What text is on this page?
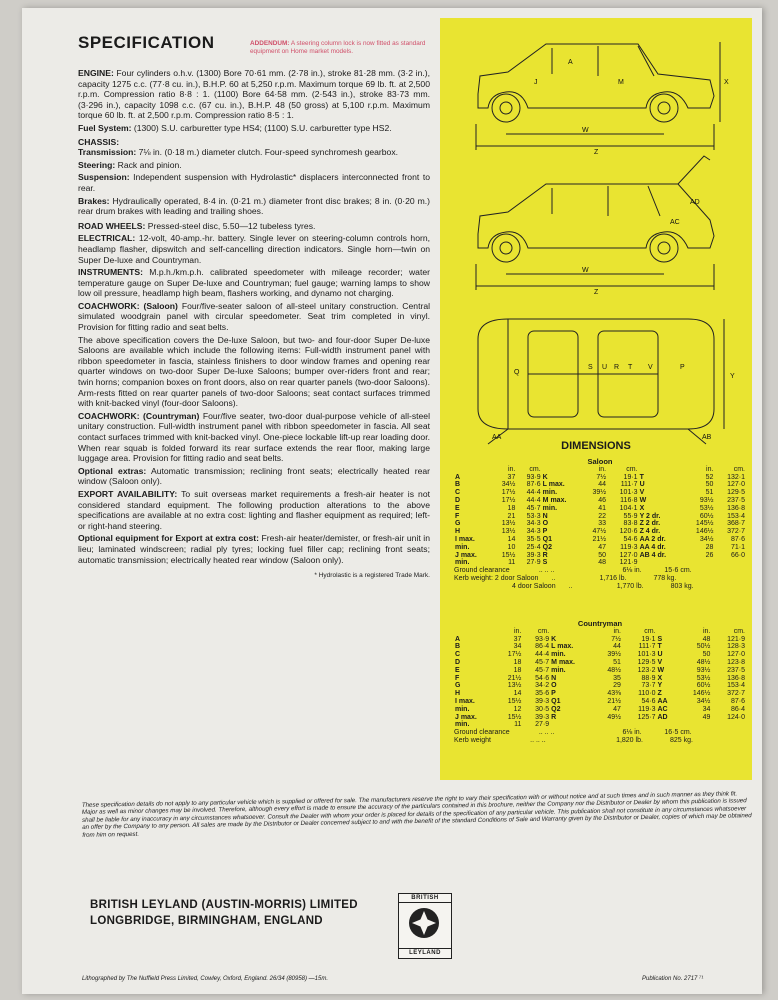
SPECIFICATION	ADDENDUM: A steering column lock is now fitted as standard equipment on Home market models.

ENGINE: Four cylinders o.h.v. (1300) Bore 70·61 mm. (2·78 in.), stroke 81·28 mm. (3·2 in.), capacity 1275 c.c. (77·8 cu. in.), B.H.P. 60 at 5,250 r.p.m. Maximum torque 69 lb. ft. at 2,500 r.p.m. Compression ratio 8·8 : 1. (1100) Bore 64·58 mm. (2·543 in.), stroke 83·73 mm. (3·296 in.), capacity 1098 c.c. (67 cu. in.), B.H.P. 48 (50 gross) at 5,100 r.p.m. Maximum torque 60 lb. ft. at 2,500 r.p.m. Compression ratio 8·5 : 1.

Fuel System: (1300) S.U. carburetter type HS4; (1100) S.U. carburetter type HS2.

CHASSIS:

Transmission: 7⅛ in. (0·18 m.) diameter clutch. Four-speed synchromesh gearbox.

Steering: Rack and pinion.

Suspension: Independent suspension with Hydrolastic* displacers interconnected front to rear.

Brakes: Hydraulically operated, 8·4 in. (0·21 m.) diameter front disc brakes; 8 in. (0·20 m.) rear drum brakes with leading and trailing shoes.

ROAD WHEELS: Pressed-steel disc, 5.50—12 tubeless tyres.

ELECTRICAL: 12-volt, 40-amp.-hr. battery. Single lever on steering-column controls horn, headlamp flasher, dipswitch and self-cancelling direction indicators. Single horn—twin on Super De-luxe and Countryman.

INSTRUMENTS: M.p.h./km.p.h. calibrated speedometer with mileage recorder; water temperature gauge on Super De-luxe and Countryman; fuel gauge; warning lamps to show low oil pressure, headlamp high beam, flashers working, and dynamo not charging.

COACHWORK: (Saloon) Four/five-seater saloon of all-steel unitary construction. Central simulated woodgrain panel with circular speedometer. Seat trim completed in vinyl. Provision for fitting radio and seat belts.

The above specification covers the De-luxe Saloon, but two- and four-door Super De-luxe Saloons are available which include the following items: Full-width instrument panel with ribbon speedometer in fascia, stainless finishers to door window frames and opening rear quarter windows on two-door Super De-luxe Saloons; bumper over-riders front and rear; twin horns; companion boxes on front doors, also on rear quarter panels (two-door Saloons). Arm-rests fitted on rear quarter panels of two-door Saloons; seat contact surfaces trimmed with knit-backed vinyl (four-door Saloons).

COACHWORK: (Countryman) Four/five seater, two-door dual-purpose vehicle of all-steel unitary construction. Full-width instrument panel with ribbon speedometer in fascia. All seat contact surfaces trimmed with knit-backed vinyl. One-piece lockable lift-up rear loading door. When rear squab is folded forward its rear surface extends the rear floor, making large luggage area. Provision for fitting radio and seat belts.

Optional extras: Automatic transmission; reclining front seats; electrically heated rear window (Saloon only).

EXPORT AVAILABILITY: To suit overseas market requirements a fresh-air heater is not considered standard equipment. The following production alterations to the above specifications are available at no extra cost: lighting and flasher equipment as required; left- or right-hand steering.

Optional equipment for Export at extra cost: Fresh-air heater/demister, or fresh-air unit in lieu; laminated windscreen; radial ply tyres; locking fuel filler cap; reclining front seats; automatic transmission; electrically heated rear window (Saloon only).

* Hydrolastic is a registered Trade Mark.
W
Z
X
A
J	M
W
Z
AD
AC
Q
S U R T V	P
Y
AA	AB
DIMENSIONS
Saloon
	in.	cm.		in.	cm.		in.	cm.
A	37	93·9	K	7½	19·1	T	52	132·1
B	34½	87·6	L max.	44	111·7	U	50	127·0
C	17½	44·4	min.	39½	101·3	V	51	129·5
D	17½	44·4	M max.	46	116·8	W	93½	237·5
E	18	45·7	min.	41	104·1	X	53½	136·8
F	21	53·3	N	22	55·9	Y 2 dr.	60½	153·4
G	13½	34·3	O	33	83·8	Z 2 dr.	145½	368·7
H	13½	34·3	P	47½	120·6	Z 4 dr.	146½	372·7
I max.	14	35·5	Q1	21½	54·6	AA 2 dr.	34½	87·6
min.	10	25·4	Q2	47	119·3	AA 4 dr.	28	71·1
J max.	15½	39·3	R	50	127·0	AB 4 dr.	26	66·0
min.	11	27·9	S	48	121·9			
Ground clearance	.. .. ..	6⅛ in.	15·6 cm.
Kerb weight: 2 door Saloon ..	1,716 lb.	778 kg.
4 door Saloon ..	1,770 lb.	803 kg.
Countryman
	in.	cm.		in.	cm.		in.	cm.
A	37	93·9	K	7½	19·1	S	48	121·9
B	34	86·4	L max.	44	111·7	T	50½	128·3
C	17½	44·4	min.	39½	101·3	U	50	127·0
D	18	45·7	M max.	51	129·5	V	48½	123·8
E	18	45·7	min.	48½	123·2	W	93½	237·5
F	21½	54·6	N	35	88·9	X	53½	136·8
G	13½	34·2	O	29	73·7	Y	60½	153·4
H	14	35·6	P	43⅜	110·0	Z	146½	372·7
I max.	15½	39·3	Q1	21½	54·6	AA	34½	87·6
min.	12	30·5	Q2	47	119·3	AC	34	86·4
J max.	15½	39·3	R	49½	125·7	AD	49	124·0
min.	11	27·9						
Ground clearance	.. .. ..	6⅛ in.	16·5 cm.
Kerb weight	.. .. ..	1,820 lb.	825 kg.
These specification details do not apply to any particular vehicle which is supplied or offered for sale. The manufacturers reserve the right to vary their specification with or without notice and at such times and in such manner as they think fit. Major as well as minor changes may be involved. Therefore, although every effort is made to ensure the accuracy of the particulars contained in this brochure, neither the Company nor the Distributor or Dealer by whom this publication is issued shall be liable for any inaccuracy in any circumstances whatsoever. Consult the Dealer with whom your order is placed for details of the specification of any particular vehicle. This publication shall not constitute in any circumstances whatsoever an offer by the Company to any person. All sales are made by the Distributor or Dealer concerned subject to and with the benefit of the standard Conditions of Sale and Warranty given by the Distributor or Dealer, copies of which may be obtained from him on request.
BRITISH LEYLAND (AUSTIN-MORRIS) LIMITED
LONGBRIDGE, BIRMINGHAM, ENGLAND
BRITISH
LEYLAND
Lithographed by The Nuffield Press Limited, Cowley, Oxford, England. 26/34 (80958) —15m.	Publication No. 2717 ⁷¹
